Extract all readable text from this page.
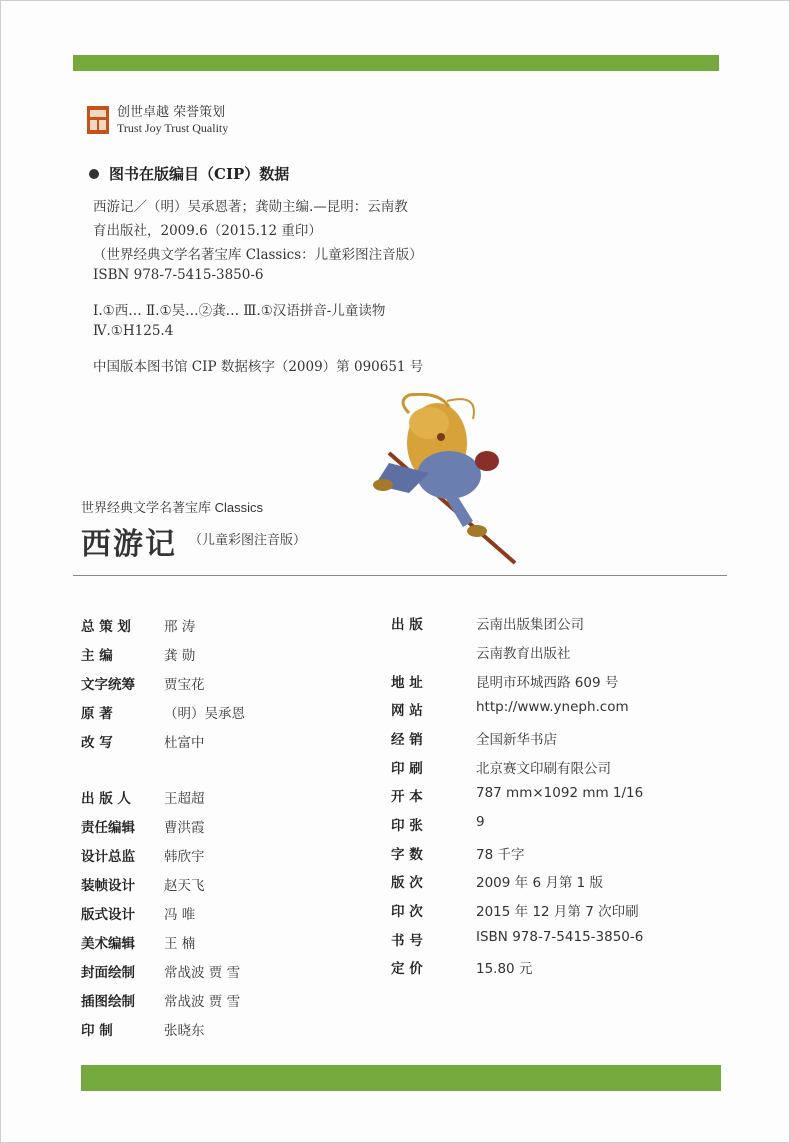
创世卓越 荣誉策划
Trust Joy Trust Quality
图书在版编目（CIP）数据
西游记／（明）吴承恩著；龚勋主编.—昆明：云南教
育出版社，2009.6（2015.12 重印）
（世界经典文学名著宝库 Classics：儿童彩图注音版）
ISBN 978-7-5415-3850-6
Ⅰ.①西… Ⅱ.①吴…②龚… Ⅲ.①汉语拼音-儿童读物
Ⅳ.①H125.4
中国版本图书馆 CIP 数据核字（2009）第 090651 号
世界经典文学名著宝库 Classics
西游记 （儿童彩图注音版）
总 策 划	邢 涛
主 编	龚 勋
文字统筹	贾宝花
原 著	（明）吴承恩
改 写	杜富中
出 版 人	王超超
责任编辑	曹洪霞
设计总监	韩欣宇
装帧设计	赵天飞
版式设计	冯 唯
美术编辑	王 楠
封面绘制	常战波 贾 雪
插图绘制	常战波 贾 雪
印 制	张晓东
出 版	云南出版集团公司
云南教育出版社
地 址	昆明市环城西路 609 号
网 站	http://www.yneph.com
经 销	全国新华书店
印 刷	北京赛文印刷有限公司
开 本	787 mm×1092 mm 1/16
印 张	9
字 数	78 千字
版 次	2009 年 6 月第 1 版
印 次	2015 年 12 月第 7 次印刷
书 号	ISBN 978-7-5415-3850-6
定 价	15.80 元
